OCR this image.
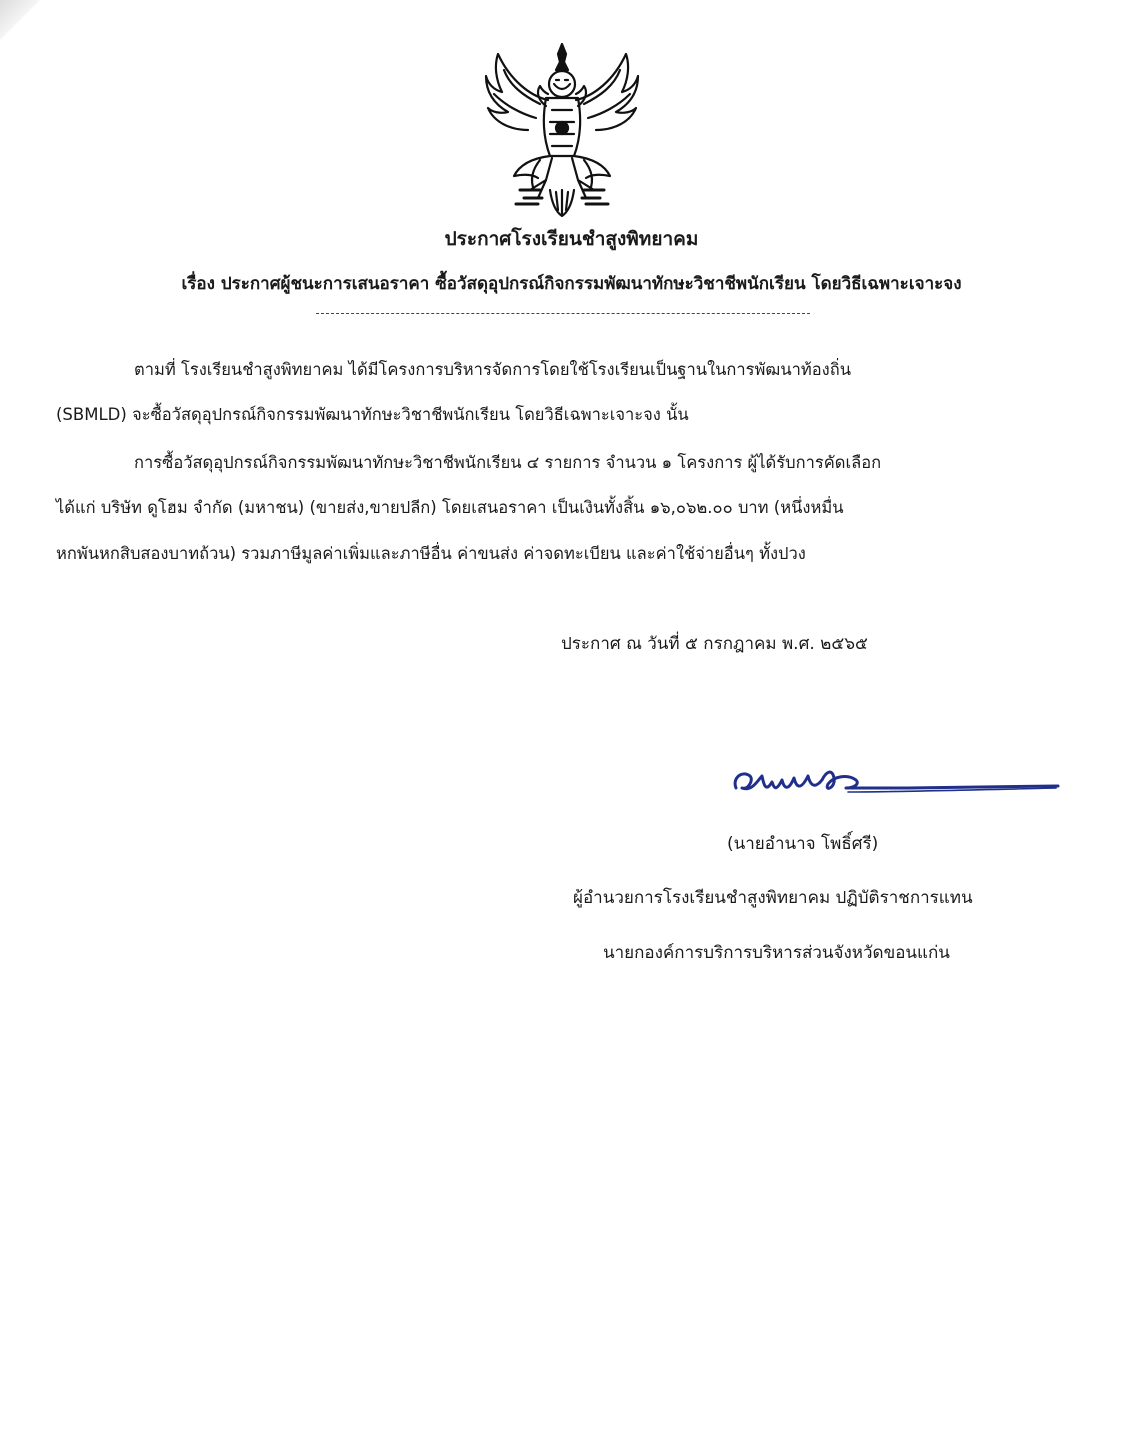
ประกาศโรงเรียนชำสูงพิทยาคม
เรื่อง ประกาศผู้ชนะการเสนอราคา ซื้อวัสดุอุปกรณ์กิจกรรมพัฒนาทักษะวิชาชีพนักเรียน โดยวิธีเฉพาะเจาะจง
ตามที่ โรงเรียนชำสูงพิทยาคม ได้มีโครงการบริหารจัดการโดยใช้โรงเรียนเป็นฐานในการพัฒนาท้องถิ่น
(SBMLD) จะซื้อวัสดุอุปกรณ์กิจกรรมพัฒนาทักษะวิชาชีพนักเรียน โดยวิธีเฉพาะเจาะจง นั้น
การซื้อวัสดุอุปกรณ์กิจกรรมพัฒนาทักษะวิชาชีพนักเรียน ๔ รายการ จำนวน ๑ โครงการ ผู้ได้รับการคัดเลือก
ได้แก่ บริษัท ดูโฮม จำกัด (มหาชน) (ขายส่ง,ขายปลีก) โดยเสนอราคา เป็นเงินทั้งสิ้น ๑๖,๐๖๒.๐๐ บาท (หนึ่งหมื่น
หกพันหกสิบสองบาทถ้วน) รวมภาษีมูลค่าเพิ่มและภาษีอื่น ค่าขนส่ง ค่าจดทะเบียน และค่าใช้จ่ายอื่นๆ ทั้งปวง
ประกาศ ณ วันที่ ๕ กรกฎาคม พ.ศ. ๒๕๖๕
(นายอำนาจ โพธิ์ศรี)
ผู้อำนวยการโรงเรียนชำสูงพิทยาคม ปฏิบัติราชการแทน
นายกองค์การบริการบริหารส่วนจังหวัดขอนแก่น
